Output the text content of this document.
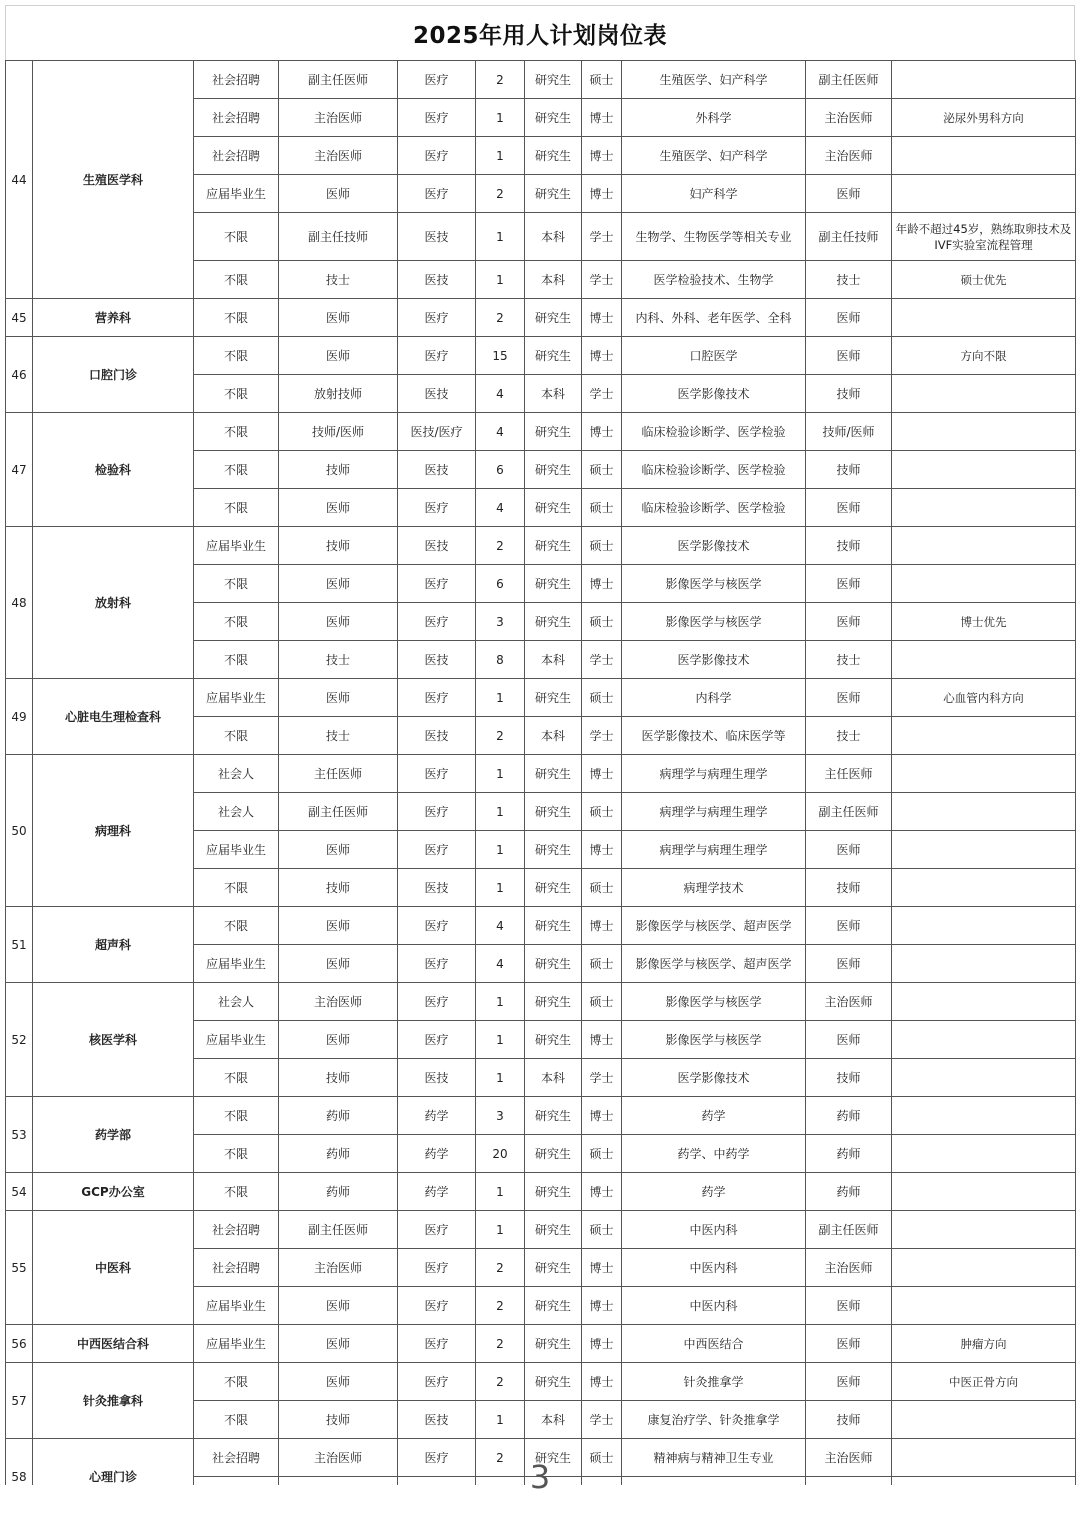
2025年用人计划岗位表
44	生殖医学科	社会招聘	副主任医师	医疗	2	研究生	硕士	生殖医学、妇产科学	副主任医师	
		社会招聘	主治医师	医疗	1	研究生	博士	外科学	主治医师	泌尿外男科方向
		社会招聘	主治医师	医疗	1	研究生	博士	生殖医学、妇产科学	主治医师	
		应届毕业生	医师	医疗	2	研究生	博士	妇产科学	医师	
		不限	副主任技师	医技	1	本科	学士	生物学、生物医学等相关专业	副主任技师	年龄不超过45岁，熟练取卵技术及IVF实验室流程管理
		不限	技士	医技	1	本科	学士	医学检验技术、生物学	技士	硕士优先
45	营养科	不限	医师	医疗	2	研究生	博士	内科、外科、老年医学、全科	医师	
46	口腔门诊	不限	医师	医疗	15	研究生	博士	口腔医学	医师	方向不限
		不限	放射技师	医技	4	本科	学士	医学影像技术	技师	
47	检验科	不限	技师/医师	医技/医疗	4	研究生	博士	临床检验诊断学、医学检验	技师/医师	
		不限	技师	医技	6	研究生	硕士	临床检验诊断学、医学检验	技师	
		不限	医师	医疗	4	研究生	硕士	临床检验诊断学、医学检验	医师	
48	放射科	应届毕业生	技师	医技	2	研究生	硕士	医学影像技术	技师	
		不限	医师	医疗	6	研究生	博士	影像医学与核医学	医师	
		不限	医师	医疗	3	研究生	硕士	影像医学与核医学	医师	博士优先
		不限	技士	医技	8	本科	学士	医学影像技术	技士	
49	心脏电生理检查科	应届毕业生	医师	医疗	1	研究生	硕士	内科学	医师	心血管内科方向
		不限	技士	医技	2	本科	学士	医学影像技术、临床医学等	技士	
50	病理科	社会人	主任医师	医疗	1	研究生	博士	病理学与病理生理学	主任医师	
		社会人	副主任医师	医疗	1	研究生	硕士	病理学与病理生理学	副主任医师	
		应届毕业生	医师	医疗	1	研究生	博士	病理学与病理生理学	医师	
		不限	技师	医技	1	研究生	硕士	病理学技术	技师	
51	超声科	不限	医师	医疗	4	研究生	博士	影像医学与核医学、超声医学	医师	
		应届毕业生	医师	医疗	4	研究生	硕士	影像医学与核医学、超声医学	医师	
52	核医学科	社会人	主治医师	医疗	1	研究生	硕士	影像医学与核医学	主治医师	
		应届毕业生	医师	医疗	1	研究生	博士	影像医学与核医学	医师	
		不限	技师	医技	1	本科	学士	医学影像技术	技师	
53	药学部	不限	药师	药学	3	研究生	博士	药学	药师	
		不限	药师	药学	20	研究生	硕士	药学、中药学	药师	
54	GCP办公室	不限	药师	药学	1	研究生	博士	药学	药师	
55	中医科	社会招聘	副主任医师	医疗	1	研究生	硕士	中医内科	副主任医师	
		社会招聘	主治医师	医疗	2	研究生	博士	中医内科	主治医师	
		应届毕业生	医师	医疗	2	研究生	博士	中医内科	医师	
56	中西医结合科	应届毕业生	医师	医疗	2	研究生	博士	中西医结合	医师	肿瘤方向
57	针灸推拿科	不限	医师	医疗	2	研究生	博士	针灸推拿学	医师	中医正骨方向
		不限	技师	医技	1	本科	学士	康复治疗学、针灸推拿学	技师	
58	心理门诊	社会招聘	主治医师	医疗	2	研究生	硕士	精神病与精神卫生专业	主治医师	

3
